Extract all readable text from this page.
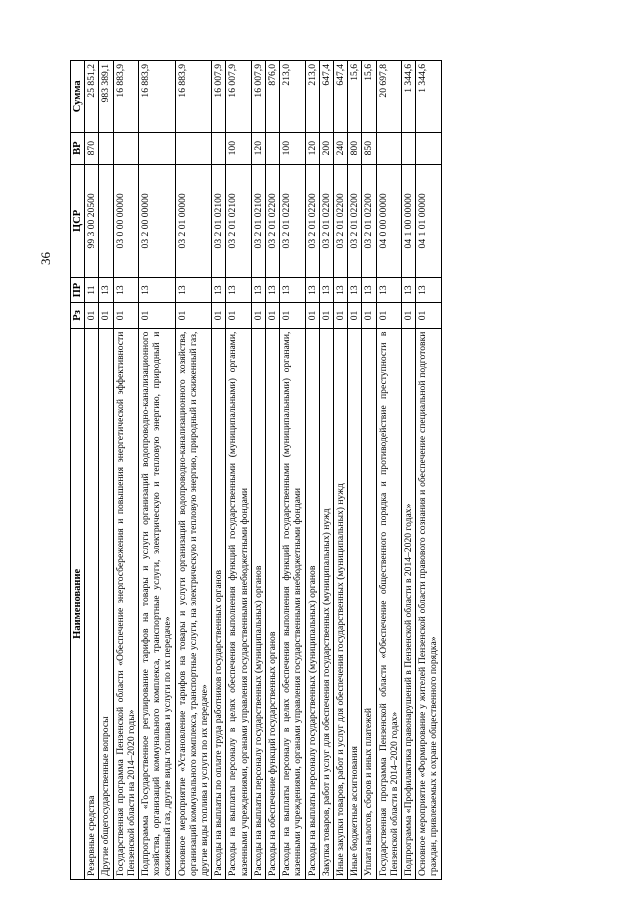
36
Наименование	Рз	ПР	ЦСР	ВР	Сумма
Резервные средства	01	11	99 3 00 20500	870	25 851,2
Другие общегосударственные вопросы	01	13			983 389,1
Государственная программа Пензенской области «Обеспечение энергосбережения и повышения энергетической эффективности Пензенской области на 2014–2020 годы»	01	13	03 0 00 00000		16 883,9
Подпрограмма «Государственное регулирование тарифов на товары и услуги организаций водопроводно-канализационного хозяйства, организаций коммунального комплекса, транспортные услуги, электрическую и тепловую энергию, природный и сжиженный газ, другие виды топлива и услуги по их передаче»	01	13	03 2 00 00000		16 883,9
Основное мероприятие «Установление тарифов на товары и услуги организаций водопроводно-канализационного хозяйства, организаций коммунального комплекса, транспортные услуги, на электрическую и тепловую энергию, природный и сжиженный газ, другие виды топлива и услуги по их передаче»	01	13	03 2 01 00000		16 883,9
Расходы на выплаты по оплате труда работников государственных органов	01	13	03 2 01 02100		16 007,9
Расходы на выплаты персоналу в целях обеспечения выполнения функций государственными (муниципальными) органами, казенными учреждениями, органами управления государственными внебюджетными фондами	01	13	03 2 01 02100	100	16 007,9
Расходы на выплаты персоналу государственных (муниципальных) органов	01	13	03 2 01 02100	120	16 007,9
Расходы на обеспечение функций государственных органов	01	13	03 2 01 02200		876,0
Расходы на выплаты персоналу в целях обеспечения выполнения функций государственными (муниципальными) органами, казенными учреждениями, органами управления государственными внебюджетными фондами	01	13	03 2 01 02200	100	213,0
Расходы на выплаты персоналу государственных (муниципальных) органов	01	13	03 2 01 02200	120	213,0
Закупка товаров, работ и услуг для обеспечения государственных (муниципальных) нужд	01	13	03 2 01 02200	200	647,4
Иные закупки товаров, работ и услуг для обеспечения государственных (муниципальных) нужд	01	13	03 2 01 02200	240	647,4
Иные бюджетные ассигнования	01	13	03 2 01 02200	800	15,6
Уплата налогов, сборов и иных платежей	01	13	03 2 01 02200	850	15,6
Государственная программа Пензенской области «Обеспечение общественного порядка и противодействие преступности в Пензенской области в 2014–2020 годах»	01	13	04 0 00 00000		20 697,8
Подпрограмма «Профилактика правонарушений в Пензенской области в 2014–2020 годах»	01	13	04 1 00 00000		1 344,6
Основное мероприятие «Формирование у жителей Пензенской области правового сознания и обеспечение специальной подготовки граждан, привлекаемых к охране общественного порядка»	01	13	04 1 01 00000		1 344,6
